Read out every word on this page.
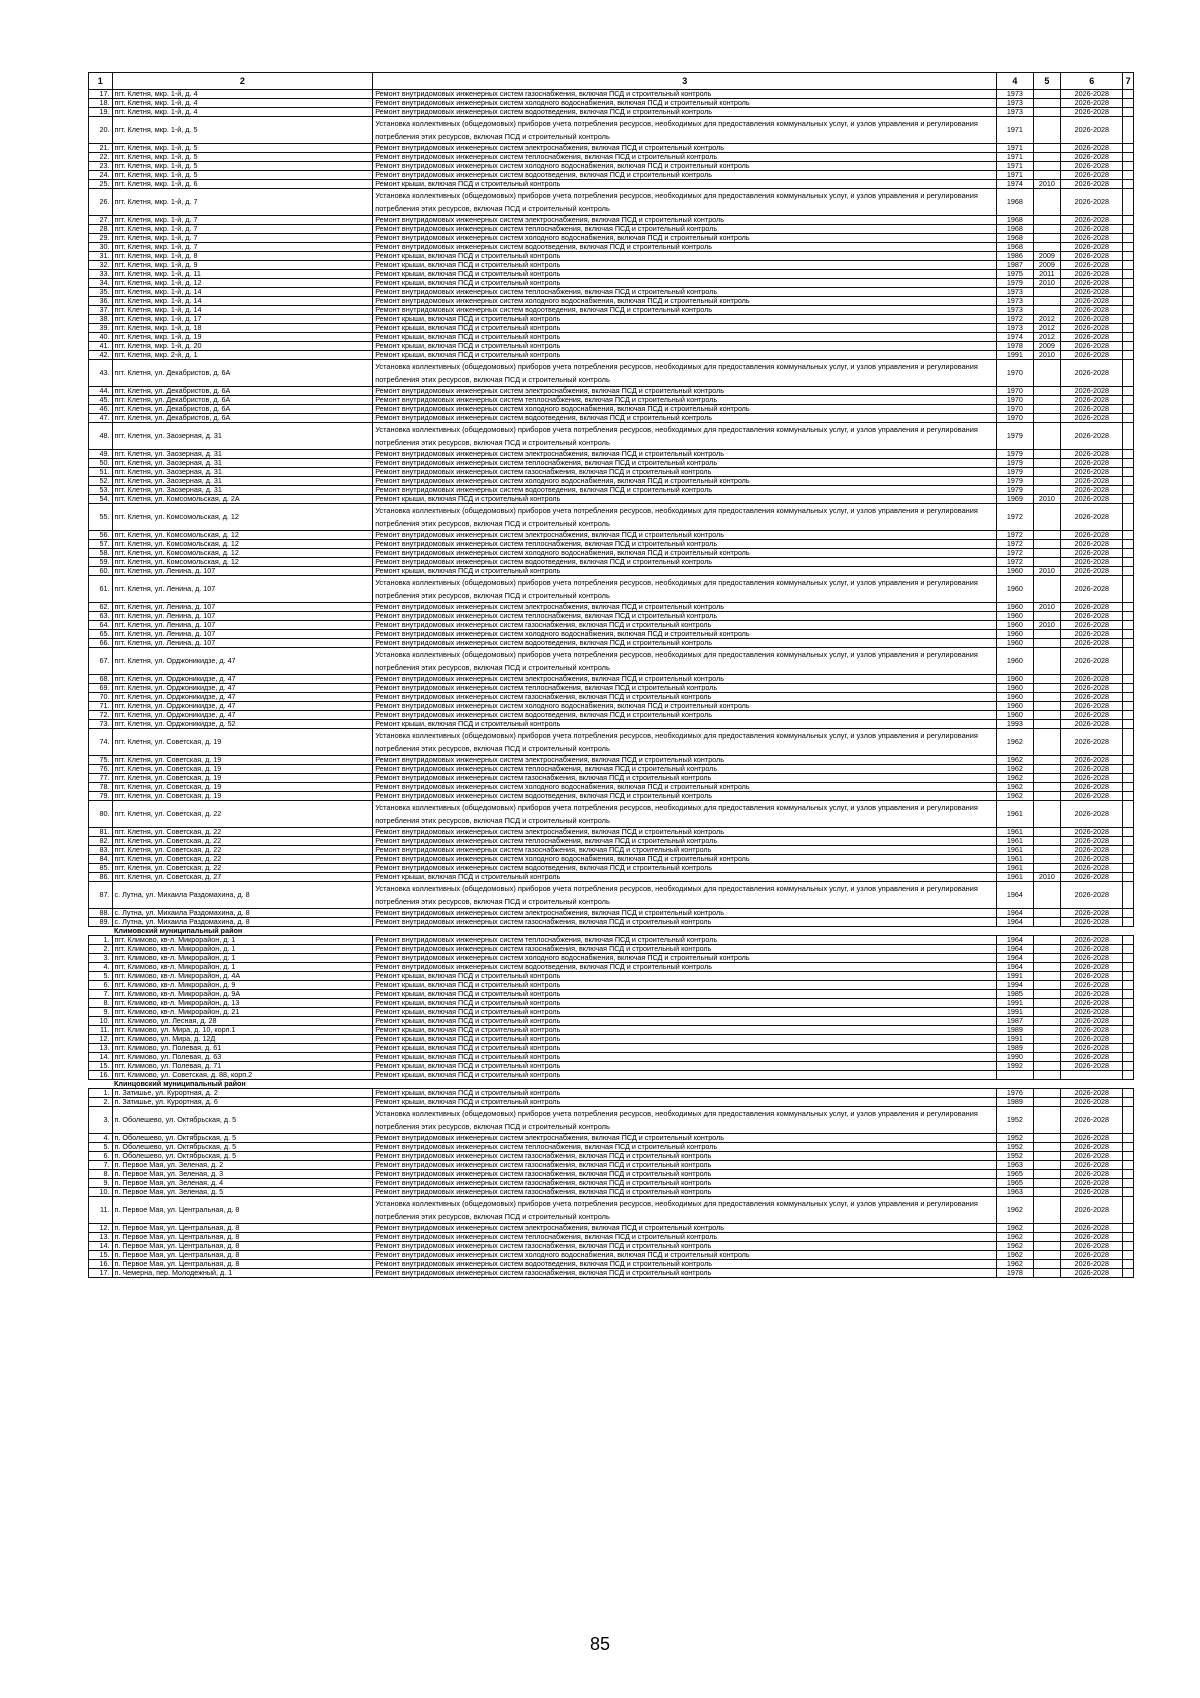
1	2	3	4	5	6	7
17.	пгт. Клетня, мкр. 1-й, д. 4	Ремонт внутридомовых инженерных систем газоснабжения, включая ПСД и строительный контроль	1973		2026-2028	
18.	пгт. Клетня, мкр. 1-й, д. 4	Ремонт внутридомовых инженерных систем холодного водоснабжения, включая ПСД и строительный контроль	1973		2026-2028	
19.	пгт. Клетня, мкр. 1-й, д. 4	Ремонт внутридомовых инженерных систем водоотведения, включая ПСД и строительный контроль	1973		2026-2028	
20.	пгт. Клетня, мкр. 1-й, д. 5	Установка коллективных (общедомовых) приборов учета потребления ресурсов, необходимых для предоставления коммунальных услуг, и узлов управления и регулирования потребления этих ресурсов, включая ПСД и строительный контроль	1971		2026-2028	
21.	пгт. Клетня, мкр. 1-й, д. 5	Ремонт внутридомовых инженерных систем электроснабжения, включая ПСД и строительный контроль	1971		2026-2028	
22.	пгт. Клетня, мкр. 1-й, д. 5	Ремонт внутридомовых инженерных систем теплоснабжения, включая ПСД и строительный контроль	1971		2026-2028	
23.	пгт. Клетня, мкр. 1-й, д. 5	Ремонт внутридомовых инженерных систем холодного водоснабжения, включая ПСД и строительный контроль	1971		2026-2028	
24.	пгт. Клетня, мкр. 1-й, д. 5	Ремонт внутридомовых инженерных систем водоотведения, включая ПСД и строительный контроль	1971		2026-2028	
25.	пгт. Клетня, мкр. 1-й, д. 6	Ремонт крыши, включая ПСД и строительный контроль	1974	2010	2026-2028	
26.	пгт. Клетня, мкр. 1-й, д. 7	Установка коллективных (общедомовых) приборов учета потребления ресурсов, необходимых для предоставления коммунальных услуг, и узлов управления и регулирования потребления этих ресурсов, включая ПСД и строительный контроль	1968		2026-2028	
27.	пгт. Клетня, мкр. 1-й, д. 7	Ремонт внутридомовых инженерных систем электроснабжения, включая ПСД и строительный контроль	1968		2026-2028	
28.	пгт. Клетня, мкр. 1-й, д. 7	Ремонт внутридомовых инженерных систем теплоснабжения, включая ПСД и строительный контроль	1968		2026-2028	
29.	пгт. Клетня, мкр. 1-й, д. 7	Ремонт внутридомовых инженерных систем холодного водоснабжения, включая ПСД и строительный контроль	1968		2026-2028	
30.	пгт. Клетня, мкр. 1-й, д. 7	Ремонт внутридомовых инженерных систем водоотведения, включая ПСД и строительный контроль	1968		2026-2028	
31.	пгт. Клетня, мкр. 1-й, д. 8	Ремонт крыши, включая ПСД и строительный контроль	1986	2009	2026-2028	
32.	пгт. Клетня, мкр. 1-й, д. 9	Ремонт крыши, включая ПСД и строительный контроль	1987	2009	2026-2028	
33.	пгт. Клетня, мкр. 1-й, д. 11	Ремонт крыши, включая ПСД и строительный контроль	1975	2011	2026-2028	
34.	пгт. Клетня, мкр. 1-й, д. 12	Ремонт крыши, включая ПСД и строительный контроль	1979	2010	2026-2028	
35.	пгт. Клетня, мкр. 1-й, д. 14	Ремонт внутридомовых инженерных систем теплоснабжения, включая ПСД и строительный контроль	1973		2026-2028	
36.	пгт. Клетня, мкр. 1-й, д. 14	Ремонт внутридомовых инженерных систем холодного водоснабжения, включая ПСД и строительный контроль	1973		2026-2028	
37.	пгт. Клетня, мкр. 1-й, д. 14	Ремонт внутридомовых инженерных систем водоотведения, включая ПСД и строительный контроль	1973		2026-2028	
38.	пгт. Клетня, мкр. 1-й, д. 17	Ремонт крыши, включая ПСД и строительный контроль	1972	2012	2026-2028	
39.	пгт. Клетня, мкр. 1-й, д. 18	Ремонт крыши, включая ПСД и строительный контроль	1973	2012	2026-2028	
40.	пгт. Клетня, мкр. 1-й, д. 19	Ремонт крыши, включая ПСД и строительный контроль	1974	2012	2026-2028	
41.	пгт. Клетня, мкр. 1-й, д. 20	Ремонт крыши, включая ПСД и строительный контроль	1978	2009	2026-2028	
42.	пгт. Клетня, мкр. 2-й, д. 1	Ремонт крыши, включая ПСД и строительный контроль	1991	2010	2026-2028	
43.	пгт. Клетня, ул. Декабристов, д. 6А	Установка коллективных (общедомовых) приборов учета потребления ресурсов, необходимых для предоставления коммунальных услуг, и узлов управления и регулирования потребления этих ресурсов, включая ПСД и строительный контроль	1970		2026-2028	
44.	пгт. Клетня, ул. Декабристов, д. 6А	Ремонт внутридомовых инженерных систем электроснабжения, включая ПСД и строительный контроль	1970		2026-2028	
45.	пгт. Клетня, ул. Декабристов, д. 6А	Ремонт внутридомовых инженерных систем теплоснабжения, включая ПСД и строительный контроль	1970		2026-2028	
46.	пгт. Клетня, ул. Декабристов, д. 6А	Ремонт внутридомовых инженерных систем холодного водоснабжения, включая ПСД и строительный контроль	1970		2026-2028	
47.	пгт. Клетня, ул. Декабристов, д. 6А	Ремонт внутридомовых инженерных систем водоотведения, включая ПСД и строительный контроль	1970		2026-2028	
48.	пгт. Клетня, ул. Заозерная, д. 31	Установка коллективных (общедомовых) приборов учета потребления ресурсов, необходимых для предоставления коммунальных услуг, и узлов управления и регулирования потребления этих ресурсов, включая ПСД и строительный контроль	1979		2026-2028	
49.	пгт. Клетня, ул. Заозерная, д. 31	Ремонт внутридомовых инженерных систем электроснабжения, включая ПСД и строительный контроль	1979		2026-2028	
50.	пгт. Клетня, ул. Заозерная, д. 31	Ремонт внутридомовых инженерных систем теплоснабжения, включая ПСД и строительный контроль	1979		2026-2028	
51.	пгт. Клетня, ул. Заозерная, д. 31	Ремонт внутридомовых инженерных систем газоснабжения, включая ПСД и строительный контроль	1979		2026-2028	
52.	пгт. Клетня, ул. Заозерная, д. 31	Ремонт внутридомовых инженерных систем холодного водоснабжения, включая ПСД и строительный контроль	1979		2026-2028	
53.	пгт. Клетня, ул. Заозерная, д. 31	Ремонт внутридомовых инженерных систем водоотведения, включая ПСД и строительный контроль	1979		2026-2028	
54.	пгт. Клетня, ул. Комсомольская, д. 2А	Ремонт крыши, включая ПСД и строительный контроль	1969	2010	2026-2028	
55.	пгт. Клетня, ул. Комсомольская, д. 12	Установка коллективных (общедомовых) приборов учета потребления ресурсов, необходимых для предоставления коммунальных услуг, и узлов управления и регулирования потребления этих ресурсов, включая ПСД и строительный контроль	1972		2026-2028	
56.	пгт. Клетня, ул. Комсомольская, д. 12	Ремонт внутридомовых инженерных систем электроснабжения, включая ПСД и строительный контроль	1972		2026-2028	
57.	пгт. Клетня, ул. Комсомольская, д. 12	Ремонт внутридомовых инженерных систем теплоснабжения, включая ПСД и строительный контроль	1972		2026-2028	
58.	пгт. Клетня, ул. Комсомольская, д. 12	Ремонт внутридомовых инженерных систем холодного водоснабжения, включая ПСД и строительный контроль	1972		2026-2028	
59.	пгт. Клетня, ул. Комсомольская, д. 12	Ремонт внутридомовых инженерных систем водоотведения, включая ПСД и строительный контроль	1972		2026-2028	
60.	пгт. Клетня, ул. Ленина, д. 107	Ремонт крыши, включая ПСД и строительный контроль	1960	2010	2026-2028	
61.	пгт. Клетня, ул. Ленина, д. 107	Установка коллективных (общедомовых) приборов учета потребления ресурсов, необходимых для предоставления коммунальных услуг, и узлов управления и регулирования потребления этих ресурсов, включая ПСД и строительный контроль	1960		2026-2028	
62.	пгт. Клетня, ул. Ленина, д. 107	Ремонт внутридомовых инженерных систем электроснабжения, включая ПСД и строительный контроль	1960	2010	2026-2028	
63.	пгт. Клетня, ул. Ленина, д. 107	Ремонт внутридомовых инженерных систем теплоснабжения, включая ПСД и строительный контроль	1960		2026-2028	
64.	пгт. Клетня, ул. Ленина, д. 107	Ремонт внутридомовых инженерных систем газоснабжения, включая ПСД и строительный контроль	1960	2010	2026-2028	
65.	пгт. Клетня, ул. Ленина, д. 107	Ремонт внутридомовых инженерных систем холодного водоснабжения, включая ПСД и строительный контроль	1960		2026-2028	
66.	пгт. Клетня, ул. Ленина, д. 107	Ремонт внутридомовых инженерных систем водоотведения, включая ПСД и строительный контроль	1960		2026-2028	
67.	пгт. Клетня, ул. Орджоникидзе, д. 47	Установка коллективных (общедомовых) приборов учета потребления ресурсов, необходимых для предоставления коммунальных услуг, и узлов управления и регулирования потребления этих ресурсов, включая ПСД и строительный контроль	1960		2026-2028	
68.	пгт. Клетня, ул. Орджоникидзе, д. 47	Ремонт внутридомовых инженерных систем электроснабжения, включая ПСД и строительный контроль	1960		2026-2028	
69.	пгт. Клетня, ул. Орджоникидзе, д. 47	Ремонт внутридомовых инженерных систем теплоснабжения, включая ПСД и строительный контроль	1960		2026-2028	
70.	пгт. Клетня, ул. Орджоникидзе, д. 47	Ремонт внутридомовых инженерных систем газоснабжения, включая ПСД и строительный контроль	1960		2026-2028	
71.	пгт. Клетня, ул. Орджоникидзе, д. 47	Ремонт внутридомовых инженерных систем холодного водоснабжения, включая ПСД и строительный контроль	1960		2026-2028	
72.	пгт. Клетня, ул. Орджоникидзе, д. 47	Ремонт внутридомовых инженерных систем водоотведения, включая ПСД и строительный контроль	1960		2026-2028	
73.	пгт. Клетня, ул. Орджоникидзе, д. 52	Ремонт крыши, включая ПСД и строительный контроль	1993		2026-2028	
74.	пгт. Клетня, ул. Советская, д. 19	Установка коллективных (общедомовых) приборов учета потребления ресурсов, необходимых для предоставления коммунальных услуг, и узлов управления и регулирования потребления этих ресурсов, включая ПСД и строительный контроль	1962		2026-2028	
75.	пгт. Клетня, ул. Советская, д. 19	Ремонт внутридомовых инженерных систем электроснабжения, включая ПСД и строительный контроль	1962		2026-2028	
76.	пгт. Клетня, ул. Советская, д. 19	Ремонт внутридомовых инженерных систем теплоснабжения, включая ПСД и строительный контроль	1962		2026-2028	
77.	пгт. Клетня, ул. Советская, д. 19	Ремонт внутридомовых инженерных систем газоснабжения, включая ПСД и строительный контроль	1962		2026-2028	
78.	пгт. Клетня, ул. Советская, д. 19	Ремонт внутридомовых инженерных систем холодного водоснабжения, включая ПСД и строительный контроль	1962		2026-2028	
79.	пгт. Клетня, ул. Советская, д. 19	Ремонт внутридомовых инженерных систем водоотведения, включая ПСД и строительный контроль	1962		2026-2028	
80.	пгт. Клетня, ул. Советская, д. 22	Установка коллективных (общедомовых) приборов учета потребления ресурсов, необходимых для предоставления коммунальных услуг, и узлов управления и регулирования потребления этих ресурсов, включая ПСД и строительный контроль	1961		2026-2028	
81.	пгт. Клетня, ул. Советская, д. 22	Ремонт внутридомовых инженерных систем электроснабжения, включая ПСД и строительный контроль	1961		2026-2028	
82.	пгт. Клетня, ул. Советская, д. 22	Ремонт внутридомовых инженерных систем теплоснабжения, включая ПСД и строительный контроль	1961		2026-2028	
83.	пгт. Клетня, ул. Советская, д. 22	Ремонт внутридомовых инженерных систем газоснабжения, включая ПСД и строительный контроль	1961		2026-2028	
84.	пгт. Клетня, ул. Советская, д. 22	Ремонт внутридомовых инженерных систем холодного водоснабжения, включая ПСД и строительный контроль	1961		2026-2028	
85.	пгт. Клетня, ул. Советская, д. 22	Ремонт внутридомовых инженерных систем водоотведения, включая ПСД и строительный контроль	1961		2026-2028	
86.	пгт. Клетня, ул. Советская, д. 27	Ремонт крыши, включая ПСД и строительный контроль	1961	2010	2026-2028	
87.	с. Лутна, ул. Михаила Раздомахина, д. 8	Установка коллективных (общедомовых) приборов учета потребления ресурсов, необходимых для предоставления коммунальных услуг, и узлов управления и регулирования потребления этих ресурсов, включая ПСД и строительный контроль	1964		2026-2028	
88.	с. Лутна, ул. Михаила Раздомахина, д. 8	Ремонт внутридомовых инженерных систем электроснабжения, включая ПСД и строительный контроль	1964		2026-2028	
89.	с. Лутна, ул. Михаила Раздомахина, д. 8	Ремонт внутридомовых инженерных систем газоснабжения, включая ПСД и строительный контроль	1964		2026-2028	
	Климовский муниципальный район					
1.	пгт. Климово, кв-л. Микрорайон, д. 1	Ремонт внутридомовых инженерных систем теплоснабжения, включая ПСД и строительный контроль	1964		2026-2028	
2.	пгт. Климово, кв-л. Микрорайон, д. 1	Ремонт внутридомовых инженерных систем газоснабжения, включая ПСД и строительный контроль	1964		2026-2028	
3.	пгт. Климово, кв-л. Микрорайон, д. 1	Ремонт внутридомовых инженерных систем холодного водоснабжения, включая ПСД и строительный контроль	1964		2026-2028	
4.	пгт. Климово, кв-л. Микрорайон, д. 1	Ремонт внутридомовых инженерных систем водоотведения, включая ПСД и строительный контроль	1964		2026-2028	
5.	пгт. Климово, кв-л. Микрорайон, д. 4А	Ремонт крыши, включая ПСД и строительный контроль	1991		2026-2028	
6.	пгт. Климово, кв-л. Микрорайон, д. 9	Ремонт крыши, включая ПСД и строительный контроль	1994		2026-2028	
7.	пгт. Климово, кв-л. Микрорайон, д. 9А	Ремонт крыши, включая ПСД и строительный контроль	1985		2026-2028	
8.	пгт. Климово, кв-л. Микрорайон, д. 13	Ремонт крыши, включая ПСД и строительный контроль	1991		2026-2028	
9.	пгт. Климово, кв-л. Микрорайон, д. 21	Ремонт крыши, включая ПСД и строительный контроль	1991		2026-2028	
10.	пгт. Климово, ул. Лесная, д. 28	Ремонт крыши, включая ПСД и строительный контроль	1987		2026-2028	
11.	пгт. Климово, ул. Мира, д. 10, корп.1	Ремонт крыши, включая ПСД и строительный контроль	1989		2026-2028	
12.	пгт. Климово, ул. Мира, д. 12Д	Ремонт крыши, включая ПСД и строительный контроль	1991		2026-2028	
13.	пгт. Климово, ул. Полевая, д. 61	Ремонт крыши, включая ПСД и строительный контроль	1989		2026-2028	
14.	пгт. Климово, ул. Полевая, д. 63	Ремонт крыши, включая ПСД и строительный контроль	1990		2026-2028	
15.	пгт. Климово, ул. Полевая, д. 71	Ремонт крыши, включая ПСД и строительный контроль	1992		2026-2028	
16.	пгт. Климово, ул. Советская, д. 88, корп.2	Ремонт крыши, включая ПСД и строительный контроль				
	Клинцовский муниципальный район					
1.	п. Затишье, ул. Курортная, д. 2	Ремонт крыши, включая ПСД и строительный контроль	1976		2026-2028	
2.	п. Затишье, ул. Курортная, д. 6	Ремонт крыши, включая ПСД и строительный контроль	1989		2026-2028	
3.	п. Оболешево, ул. Октябрьская, д. 5	Установка коллективных (общедомовых) приборов учета потребления ресурсов, необходимых для предоставления коммунальных услуг, и узлов управления и регулирования потребления этих ресурсов, включая ПСД и строительный контроль	1952		2026-2028	
4.	п. Оболешево, ул. Октябрьская, д. 5	Ремонт внутридомовых инженерных систем электроснабжения, включая ПСД и строительный контроль	1952		2026-2028	
5.	п. Оболешево, ул. Октябрьская, д. 5	Ремонт внутридомовых инженерных систем теплоснабжения, включая ПСД и строительный контроль	1952		2026-2028	
6.	п. Оболешево, ул. Октябрьская, д. 5	Ремонт внутридомовых инженерных систем газоснабжения, включая ПСД и строительный контроль	1952		2026-2028	
7.	п. Первое Мая, ул. Зеленая, д. 2	Ремонт внутридомовых инженерных систем газоснабжения, включая ПСД и строительный контроль	1963		2026-2028	
8.	п. Первое Мая, ул. Зеленая, д. 3	Ремонт внутридомовых инженерных систем газоснабжения, включая ПСД и строительный контроль	1965		2026-2028	
9.	п. Первое Мая, ул. Зеленая, д. 4	Ремонт внутридомовых инженерных систем газоснабжения, включая ПСД и строительный контроль	1965		2026-2028	
10.	п. Первое Мая, ул. Зеленая, д. 5	Ремонт внутридомовых инженерных систем газоснабжения, включая ПСД и строительный контроль	1963		2026-2028	
11.	п. Первое Мая, ул. Центральная, д. 8	Установка коллективных (общедомовых) приборов учета потребления ресурсов, необходимых для предоставления коммунальных услуг, и узлов управления и регулирования потребления этих ресурсов, включая ПСД и строительный контроль	1962		2026-2028	
12.	п. Первое Мая, ул. Центральная, д. 8	Ремонт внутридомовых инженерных систем электроснабжения, включая ПСД и строительный контроль	1962		2026-2028	
13.	п. Первое Мая, ул. Центральная, д. 8	Ремонт внутридомовых инженерных систем теплоснабжения, включая ПСД и строительный контроль	1962		2026-2028	
14.	п. Первое Мая, ул. Центральная, д. 8	Ремонт внутридомовых инженерных систем газоснабжения, включая ПСД и строительный контроль	1962		2026-2028	
15.	п. Первое Мая, ул. Центральная, д. 8	Ремонт внутридомовых инженерных систем холодного водоснабжения, включая ПСД и строительный контроль	1962		2026-2028	
16.	п. Первое Мая, ул. Центральная, д. 8	Ремонт внутридомовых инженерных систем водоотведения, включая ПСД и строительный контроль	1962		2026-2028	
17.	п. Чемерна, пер. Молодежный, д. 1	Ремонт внутридомовых инженерных систем газоснабжения, включая ПСД и строительный контроль	1978		2026-2028	
85
